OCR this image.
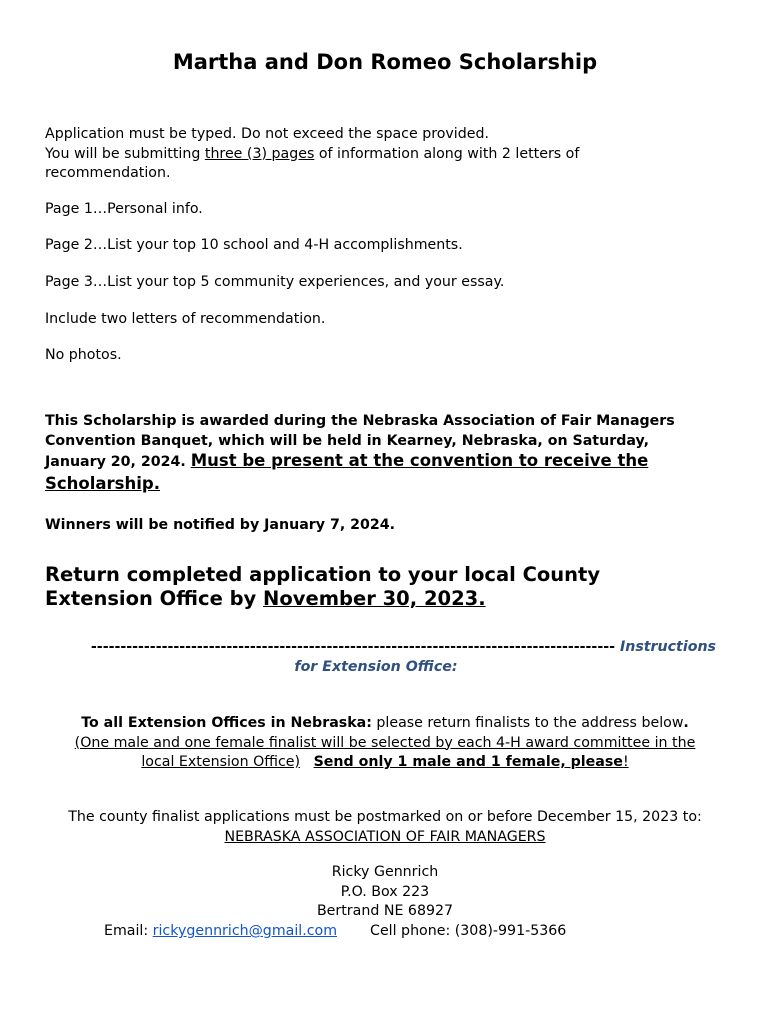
Martha and Don Romeo Scholarship
Application must be typed. Do not exceed the space provided.
You will be submitting three (3) pages of information along with 2 letters of
recommendation.
Page 1…Personal info.
Page 2…List your top 10 school and 4-H accomplishments.
Page 3…List your top 5 community experiences, and your essay.
Include two letters of recommendation.
No photos.
This Scholarship is awarded during the Nebraska Association of Fair Managers
Convention Banquet, which will be held in Kearney, Nebraska, on Saturday,
January 20, 2024. Must be present at the convention to receive the
Scholarship.
Winners will be notified by January 7, 2024.
Return completed application to your local County
Extension Office by November 30, 2023.
----------------------------------------------------------------------------------------- Instructions
for Extension Office:
To all Extension Offices in Nebraska: please return finalists to the address below.
(One male and one female finalist will be selected by each 4-H award committee in the
local Extension Office) Send only 1 male and 1 female, please!
The county finalist applications must be postmarked on or before December 15, 2023 to:
NEBRASKA ASSOCIATION OF FAIR MANAGERS
Ricky Gennrich
P.O. Box 223
Bertrand NE 68927
Email: rickygennrich@gmail.com Cell phone: (308)-991-5366
